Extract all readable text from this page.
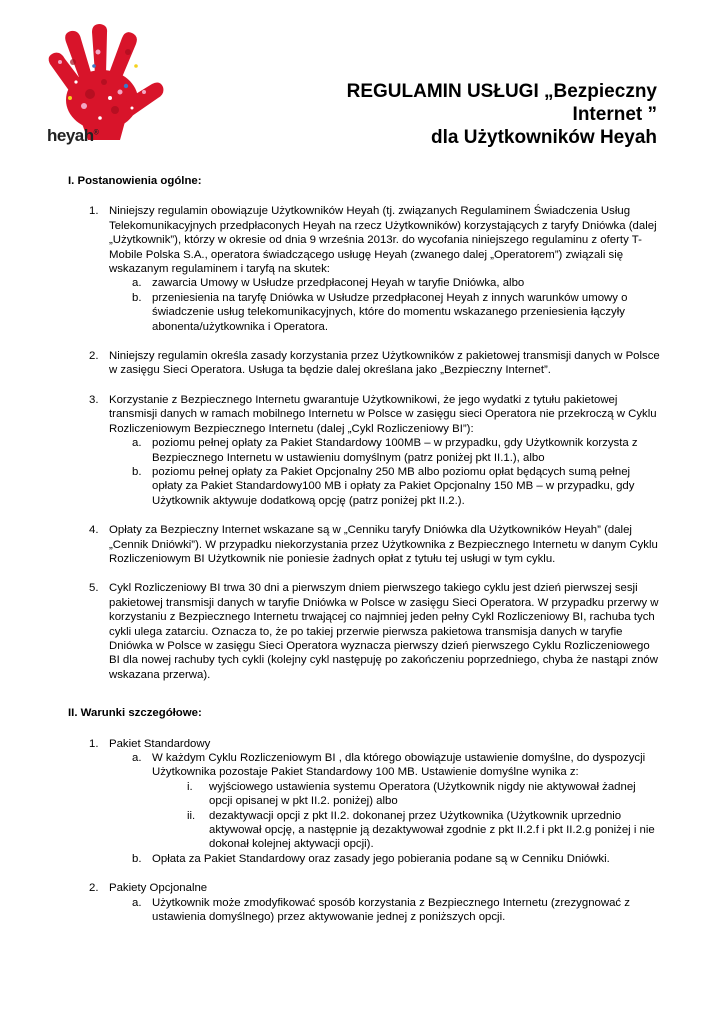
heyah®
REGULAMIN USŁUGI „Bezpieczny
Internet ”
dla Użytkowników Heyah
I. Postanowienia ogólne:
1. Niniejszy regulamin obowiązuje Użytkowników Heyah (tj. związanych Regulaminem Świadczenia Usług Telekomunikacyjnych przedpłaconych Heyah na rzecz Użytkowników) korzystających z taryfy Dniówka (dalej „Użytkownik”), którzy w okresie od dnia 9 września 2013r. do wycofania niniejszego regulaminu z oferty T-Mobile Polska S.A., operatora świadczącego usługę Heyah (zwanego dalej „Operatorem”) związali się wskazanym regulaminem i taryfą na skutek:
a. zawarcia Umowy w Usłudze przedpłaconej Heyah w taryfie Dniówka, albo
b. przeniesienia na taryfę Dniówka w Usłudze przedpłaconej Heyah z innych warunków umowy o świadczenie usług telekomunikacyjnych, które do momentu wskazanego przeniesienia łączyły abonenta/użytkownika i Operatora.
2. Niniejszy regulamin określa zasady korzystania przez Użytkowników z pakietowej transmisji danych w Polsce w zasięgu Sieci Operatora. Usługa ta będzie dalej określana jako „Bezpieczny Internet”.
3. Korzystanie z Bezpiecznego Internetu gwarantuje Użytkownikowi, że jego wydatki z tytułu pakietowej transmisji danych w ramach mobilnego Internetu w Polsce w zasięgu sieci Operatora nie przekroczą w Cyklu Rozliczeniowym Bezpiecznego Internetu (dalej „Cykl Rozliczeniowy BI”):
a. poziomu pełnej opłaty za Pakiet Standardowy 100MB – w przypadku, gdy Użytkownik korzysta z Bezpiecznego Internetu w ustawieniu domyślnym (patrz poniżej pkt II.1.), albo
b. poziomu pełnej opłaty za Pakiet Opcjonalny 250 MB albo poziomu opłat będących sumą pełnej opłaty za Pakiet Standardowy100 MB i opłaty za Pakiet Opcjonalny 150 MB – w przypadku, gdy Użytkownik aktywuje dodatkową opcję (patrz poniżej pkt II.2.).
4. Opłaty za Bezpieczny Internet wskazane są w „Cenniku taryfy Dniówka dla Użytkowników Heyah” (dalej „Cennik Dniówki”). W przypadku niekorzystania przez Użytkownika z Bezpiecznego Internetu w danym Cyklu Rozliczeniowym BI Użytkownik nie poniesie żadnych opłat z tytułu tej usługi w tym cyklu.
5. Cykl Rozliczeniowy BI trwa 30 dni a pierwszym dniem pierwszego takiego cyklu jest dzień pierwszej sesji pakietowej transmisji danych w taryfie Dniówka w Polsce w zasięgu Sieci Operatora. W przypadku przerwy w korzystaniu z Bezpiecznego Internetu trwającej co najmniej jeden pełny Cykl Rozliczeniowy BI, rachuba tych cykli ulega zatarciu. Oznacza to, że po takiej przerwie pierwsza pakietowa transmisja danych w taryfie Dniówka w Polsce w zasięgu Sieci Operatora wyznacza pierwszy dzień pierwszego Cyklu Rozliczeniowego BI dla nowej rachuby tych cykli (kolejny cykl następuję po zakończeniu poprzedniego, chyba że nastąpi znów wskazana przerwa).
II. Warunki szczegółowe:
1. Pakiet Standardowy
a. W każdym Cyklu Rozliczeniowym BI , dla którego obowiązuje ustawienie domyślne, do dyspozycji Użytkownika pozostaje Pakiet Standardowy 100 MB. Ustawienie domyślne wynika z:
i. wyjściowego ustawienia systemu Operatora (Użytkownik nigdy nie aktywował żadnej opcji opisanej w pkt II.2. poniżej) albo
ii. dezaktywacji opcji z pkt II.2. dokonanej przez Użytkownika (Użytkownik uprzednio aktywował opcję, a następnie ją dezaktywował zgodnie z pkt II.2.f i pkt II.2.g poniżej i nie dokonał kolejnej aktywacji opcji).
b. Opłata za Pakiet Standardowy oraz zasady jego pobierania podane są w Cenniku Dniówki.
2. Pakiety Opcjonalne
a. Użytkownik może zmodyfikować sposób korzystania z Bezpiecznego Internetu (zrezygnować z ustawienia domyślnego) przez aktywowanie jednej z poniższych opcji.
